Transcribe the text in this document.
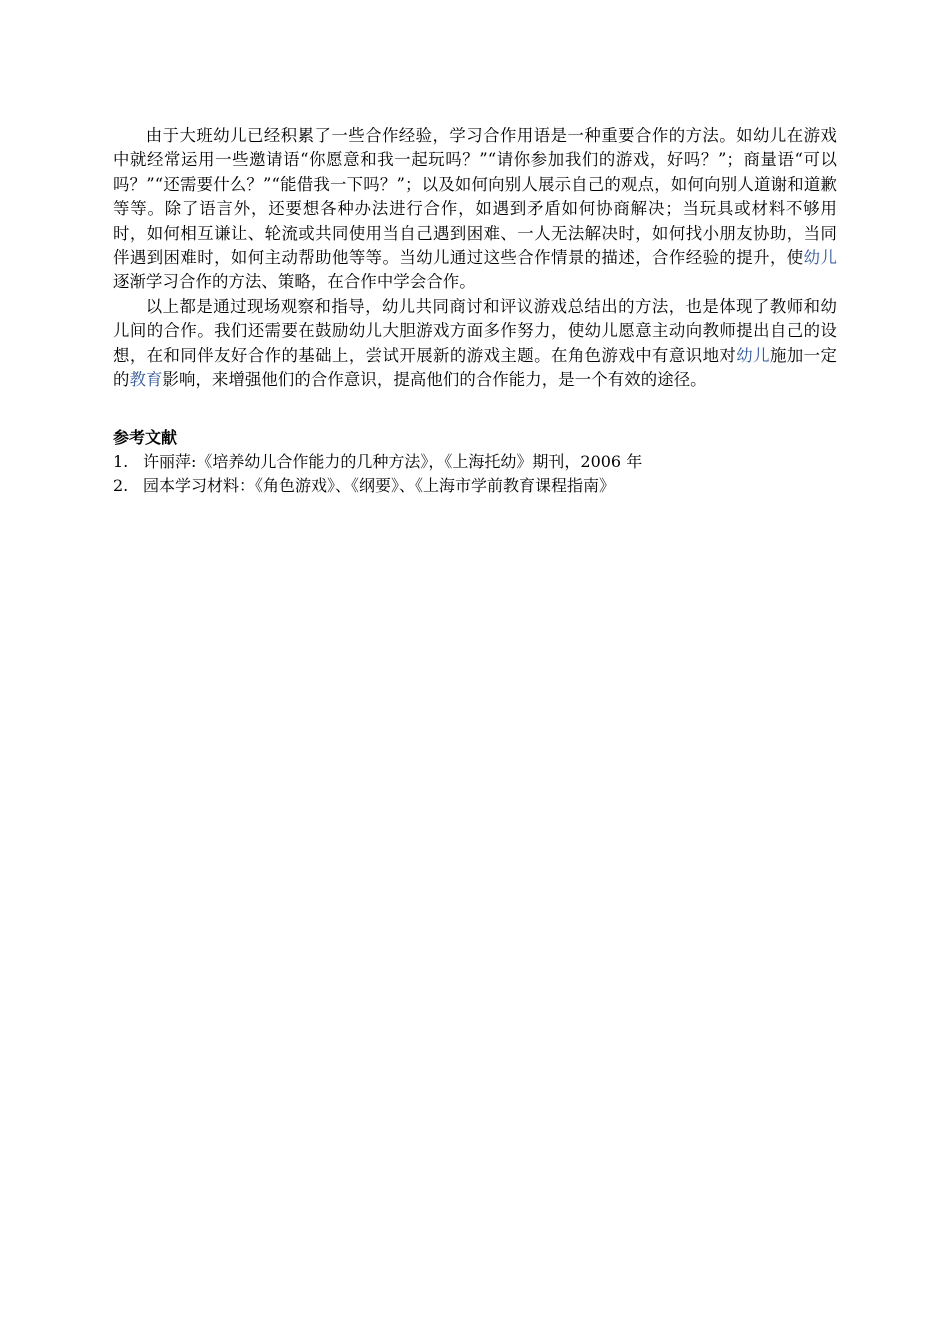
由于大班幼儿已经积累了一些合作经验，学习合作用语是一种重要合作的方法。如幼儿在游戏中就经常运用一些邀请语“你愿意和我一起玩吗？”“请你参加我们的游戏，好吗？”；商量语“可以吗？”“还需要什么？”“能借我一下吗？”；以及如何向别人展示自己的观点，如何向别人道谢和道歉等等。除了语言外，还要想各种办法进行合作，如遇到矛盾如何协商解决；当玩具或材料不够用时，如何相互谦让、轮流或共同使用当自己遇到困难、一人无法解决时，如何找小朋友协助，当同伴遇到困难时，如何主动帮助他等等。当幼儿通过这些合作情景的描述，合作经验的提升，使幼儿逐渐学习合作的方法、策略，在合作中学会合作。

以上都是通过现场观察和指导，幼儿共同商讨和评议游戏总结出的方法，也是体现了教师和幼儿间的合作。我们还需要在鼓励幼儿大胆游戏方面多作努力，使幼儿愿意主动向教师提出自己的设想，在和同伴友好合作的基础上，尝试开展新的游戏主题。在角色游戏中有意识地对幼儿施加一定的教育影响，来增强他们的合作意识，提高他们的合作能力，是一个有效的途径。

参考文献
1. 许丽萍:《培养幼儿合作能力的几种方法》，《上海托幼》期刊，2006 年
2. 园本学习材料：《角色游戏》、《纲要》、《上海市学前教育课程指南》
